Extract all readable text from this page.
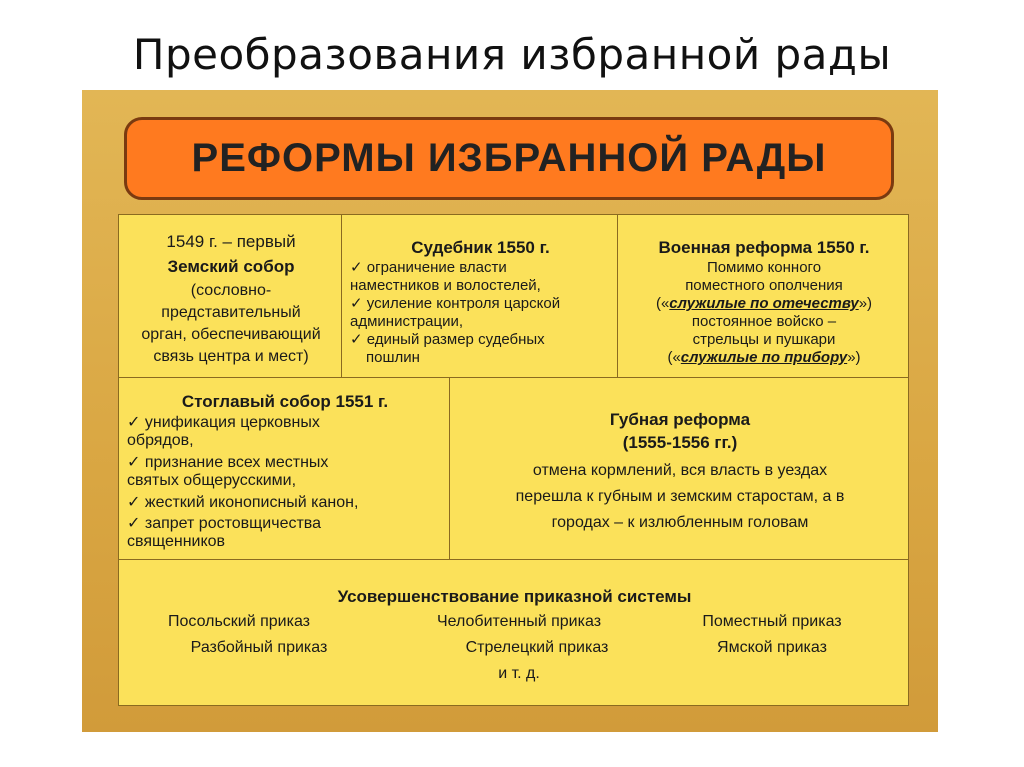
Преобразования избранной рады
РЕФОРМЫ ИЗБРАННОЙ РАДЫ
1549 г. – первый
Земский собор
(сословно-
представительный
орган, обеспечивающий
связь центра и мест)
Судебник 1550 г.
✓ ограничение власти
наместников и волостелей,
✓ усиление контроля царской
администрации,
✓ единый размер судебных
пошлин
Военная реформа 1550 г.
Помимо конного
поместного ополчения
(«служилые по отечеству»)
постоянное войско –
стрельцы и пушкари
(«служилые по прибору»)
Стоглавый собор 1551 г.
✓ унификация церковных
обрядов,
✓ признание всех местных
святых общерусскими,
✓ жесткий иконописный канон,
✓ запрет ростовщичества
священников
Губная реформа
(1555-1556 гг.)
отмена кормлений, вся власть в уездах
перешла к губным и земским старостам, а в
городах – к излюбленным головам
Усовершенствование приказной системы
Посольский приказ	Челобитенный приказ	Поместный приказ
Разбойный приказ	Стрелецкий приказ	Ямской приказ
и т. д.
